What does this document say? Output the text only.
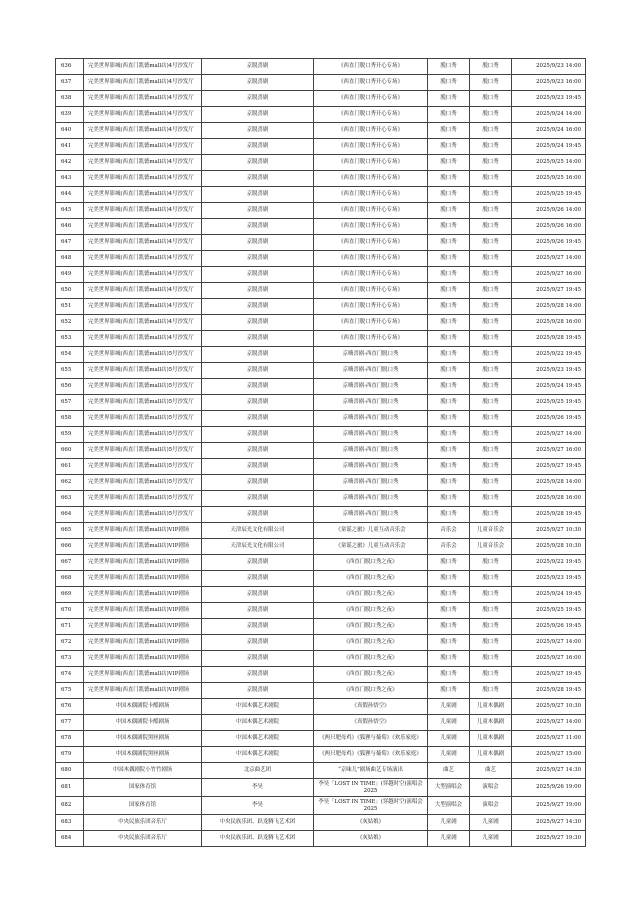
636	完美世界影城(西直门凯德mall店)4号沙发厅	京脱喜剧	《西直门脱口秀开心专场》	脱口秀	脱口秀	2025/9/23 14:00
637	完美世界影城(西直门凯德mall店)4号沙发厅	京脱喜剧	《西直门脱口秀开心专场》	脱口秀	脱口秀	2025/9/23 16:00
638	完美世界影城(西直门凯德mall店)4号沙发厅	京脱喜剧	《西直门脱口秀开心专场》	脱口秀	脱口秀	2025/9/23 19:45
639	完美世界影城(西直门凯德mall店)4号沙发厅	京脱喜剧	《西直门脱口秀开心专场》	脱口秀	脱口秀	2025/9/24 14:00
640	完美世界影城(西直门凯德mall店)4号沙发厅	京脱喜剧	《西直门脱口秀开心专场》	脱口秀	脱口秀	2025/9/24 16:00
641	完美世界影城(西直门凯德mall店)4号沙发厅	京脱喜剧	《西直门脱口秀开心专场》	脱口秀	脱口秀	2025/9/24 19:45
642	完美世界影城(西直门凯德mall店)4号沙发厅	京脱喜剧	《西直门脱口秀开心专场》	脱口秀	脱口秀	2025/9/25 14:00
643	完美世界影城(西直门凯德mall店)4号沙发厅	京脱喜剧	《西直门脱口秀开心专场》	脱口秀	脱口秀	2025/9/25 16:00
644	完美世界影城(西直门凯德mall店)4号沙发厅	京脱喜剧	《西直门脱口秀开心专场》	脱口秀	脱口秀	2025/9/25 19:45
645	完美世界影城(西直门凯德mall店)4号沙发厅	京脱喜剧	《西直门脱口秀开心专场》	脱口秀	脱口秀	2025/9/26 14:00
646	完美世界影城(西直门凯德mall店)4号沙发厅	京脱喜剧	《西直门脱口秀开心专场》	脱口秀	脱口秀	2025/9/26 16:00
647	完美世界影城(西直门凯德mall店)4号沙发厅	京脱喜剧	《西直门脱口秀开心专场》	脱口秀	脱口秀	2025/9/26 19:45
648	完美世界影城(西直门凯德mall店)4号沙发厅	京脱喜剧	《西直门脱口秀开心专场》	脱口秀	脱口秀	2025/9/27 14:00
649	完美世界影城(西直门凯德mall店)4号沙发厅	京脱喜剧	《西直门脱口秀开心专场》	脱口秀	脱口秀	2025/9/27 16:00
650	完美世界影城(西直门凯德mall店)4号沙发厅	京脱喜剧	《西直门脱口秀开心专场》	脱口秀	脱口秀	2025/9/27 19:45
651	完美世界影城(西直门凯德mall店)4号沙发厅	京脱喜剧	《西直门脱口秀开心专场》	脱口秀	脱口秀	2025/9/28 14:00
652	完美世界影城(西直门凯德mall店)4号沙发厅	京脱喜剧	《西直门脱口秀开心专场》	脱口秀	脱口秀	2025/9/28 16:00
653	完美世界影城(西直门凯德mall店)4号沙发厅	京脱喜剧	《西直门脱口秀开心专场》	脱口秀	脱口秀	2025/9/28 19:45
654	完美世界影城(西直门凯德mall店)5号沙发厅	京脱喜剧	京嗨喜剧-西直门脱口秀	脱口秀	脱口秀	2025/9/22 19:45
655	完美世界影城(西直门凯德mall店)5号沙发厅	京脱喜剧	京嗨喜剧-西直门脱口秀	脱口秀	脱口秀	2025/9/23 19:45
656	完美世界影城(西直门凯德mall店)5号沙发厅	京脱喜剧	京嗨喜剧-西直门脱口秀	脱口秀	脱口秀	2025/9/24 19:45
657	完美世界影城(西直门凯德mall店)5号沙发厅	京脱喜剧	京嗨喜剧-西直门脱口秀	脱口秀	脱口秀	2025/9/25 19:45
658	完美世界影城(西直门凯德mall店)5号沙发厅	京脱喜剧	京嗨喜剧-西直门脱口秀	脱口秀	脱口秀	2025/9/26 19:45
659	完美世界影城(西直门凯德mall店)5号沙发厅	京脱喜剧	京嗨喜剧-西直门脱口秀	脱口秀	脱口秀	2025/9/27 14:00
660	完美世界影城(西直门凯德mall店)5号沙发厅	京脱喜剧	京嗨喜剧-西直门脱口秀	脱口秀	脱口秀	2025/9/27 16:00
661	完美世界影城(西直门凯德mall店)5号沙发厅	京脱喜剧	京嗨喜剧-西直门脱口秀	脱口秀	脱口秀	2025/9/27 19:45
662	完美世界影城(西直门凯德mall店)5号沙发厅	京脱喜剧	京嗨喜剧-西直门脱口秀	脱口秀	脱口秀	2025/9/28 14:00
663	完美世界影城(西直门凯德mall店)5号沙发厅	京脱喜剧	京嗨喜剧-西直门脱口秀	脱口秀	脱口秀	2025/9/28 16:00
664	完美世界影城(西直门凯德mall店)5号沙发厅	京脱喜剧	京嗨喜剧-西直门脱口秀	脱口秀	脱口秀	2025/9/28 19:45
665	完美世界影城(西直门凯德mall店)VIP剧场	天津辰光文化有限公司	《童谣之旅》儿童互动音乐会	音乐会	儿童音乐会	2025/9/27 10:30
666	完美世界影城(西直门凯德mall店)VIP剧场	天津辰光文化有限公司	《童谣之旅》儿童互动音乐会	音乐会	儿童音乐会	2025/9/28 10:30
667	完美世界影城(西直门凯德mall店)VIP剧场	京脱喜剧	《西直门脱口秀之夜》	脱口秀	脱口秀	2025/9/22 19:45
668	完美世界影城(西直门凯德mall店)VIP剧场	京脱喜剧	《西直门脱口秀之夜》	脱口秀	脱口秀	2025/9/23 19:45
669	完美世界影城(西直门凯德mall店)VIP剧场	京脱喜剧	《西直门脱口秀之夜》	脱口秀	脱口秀	2025/9/24 19:45
670	完美世界影城(西直门凯德mall店)VIP剧场	京脱喜剧	《西直门脱口秀之夜》	脱口秀	脱口秀	2025/9/25 19:45
671	完美世界影城(西直门凯德mall店)VIP剧场	京脱喜剧	《西直门脱口秀之夜》	脱口秀	脱口秀	2025/9/26 19:45
672	完美世界影城(西直门凯德mall店)VIP剧场	京脱喜剧	《西直门脱口秀之夜》	脱口秀	脱口秀	2025/9/27 14:00
673	完美世界影城(西直门凯德mall店)VIP剧场	京脱喜剧	《西直门脱口秀之夜》	脱口秀	脱口秀	2025/9/27 16:00
674	完美世界影城(西直门凯德mall店)VIP剧场	京脱喜剧	《西直门脱口秀之夜》	脱口秀	脱口秀	2025/9/27 19:45
675	完美世界影城(西直门凯德mall店)VIP剧场	京脱喜剧	《西直门脱口秀之夜》	脱口秀	脱口秀	2025/9/28 19:45
676	中国木偶剧院卡酷剧场	中国木偶艺术剧院	《真假孙悟空》	儿童剧	儿童木偶剧	2025/9/27 10:30
677	中国木偶剧院卡酷剧场	中国木偶艺术剧院	《真假孙悟空》	儿童剧	儿童木偶剧	2025/9/27 14:00
678	中国木偶剧院黑匣剧场	中国木偶艺术剧院	《两只肥母鸡》《狐狸与葡萄》《欢乐家庭》	儿童剧	儿童木偶剧	2025/9/27 11:00
679	中国木偶剧院黑匣剧场	中国木偶艺术剧院	《两只肥母鸡》《狐狸与葡萄》《欢乐家庭》	儿童剧	儿童木偶剧	2025/9/27 15:00
680	中国木偶剧院小竹竹剧场	北京曲艺团	“京味儿”剧场曲艺专场演出	曲艺	曲艺	2025/9/27 14:30
681	国家体育馆	李昊	李昊「LOST IN TIME」(穿越时空)演唱会2025	大型演唱会	演唱会	2025/9/26 19:00
682	国家体育馆	李昊	李昊「LOST IN TIME」(穿越时空)演唱会2025	大型演唱会	演唱会	2025/9/27 19:00
683	中央民族乐团音乐厅	中央民族乐团、跃龙腾飞艺术团	《灰姑娘》	儿童剧	儿童剧	2025/9/27 14:30
684	中央民族乐团音乐厅	中央民族乐团、跃龙腾飞艺术团	《灰姑娘》	儿童剧	儿童剧	2025/9/27 19:30
